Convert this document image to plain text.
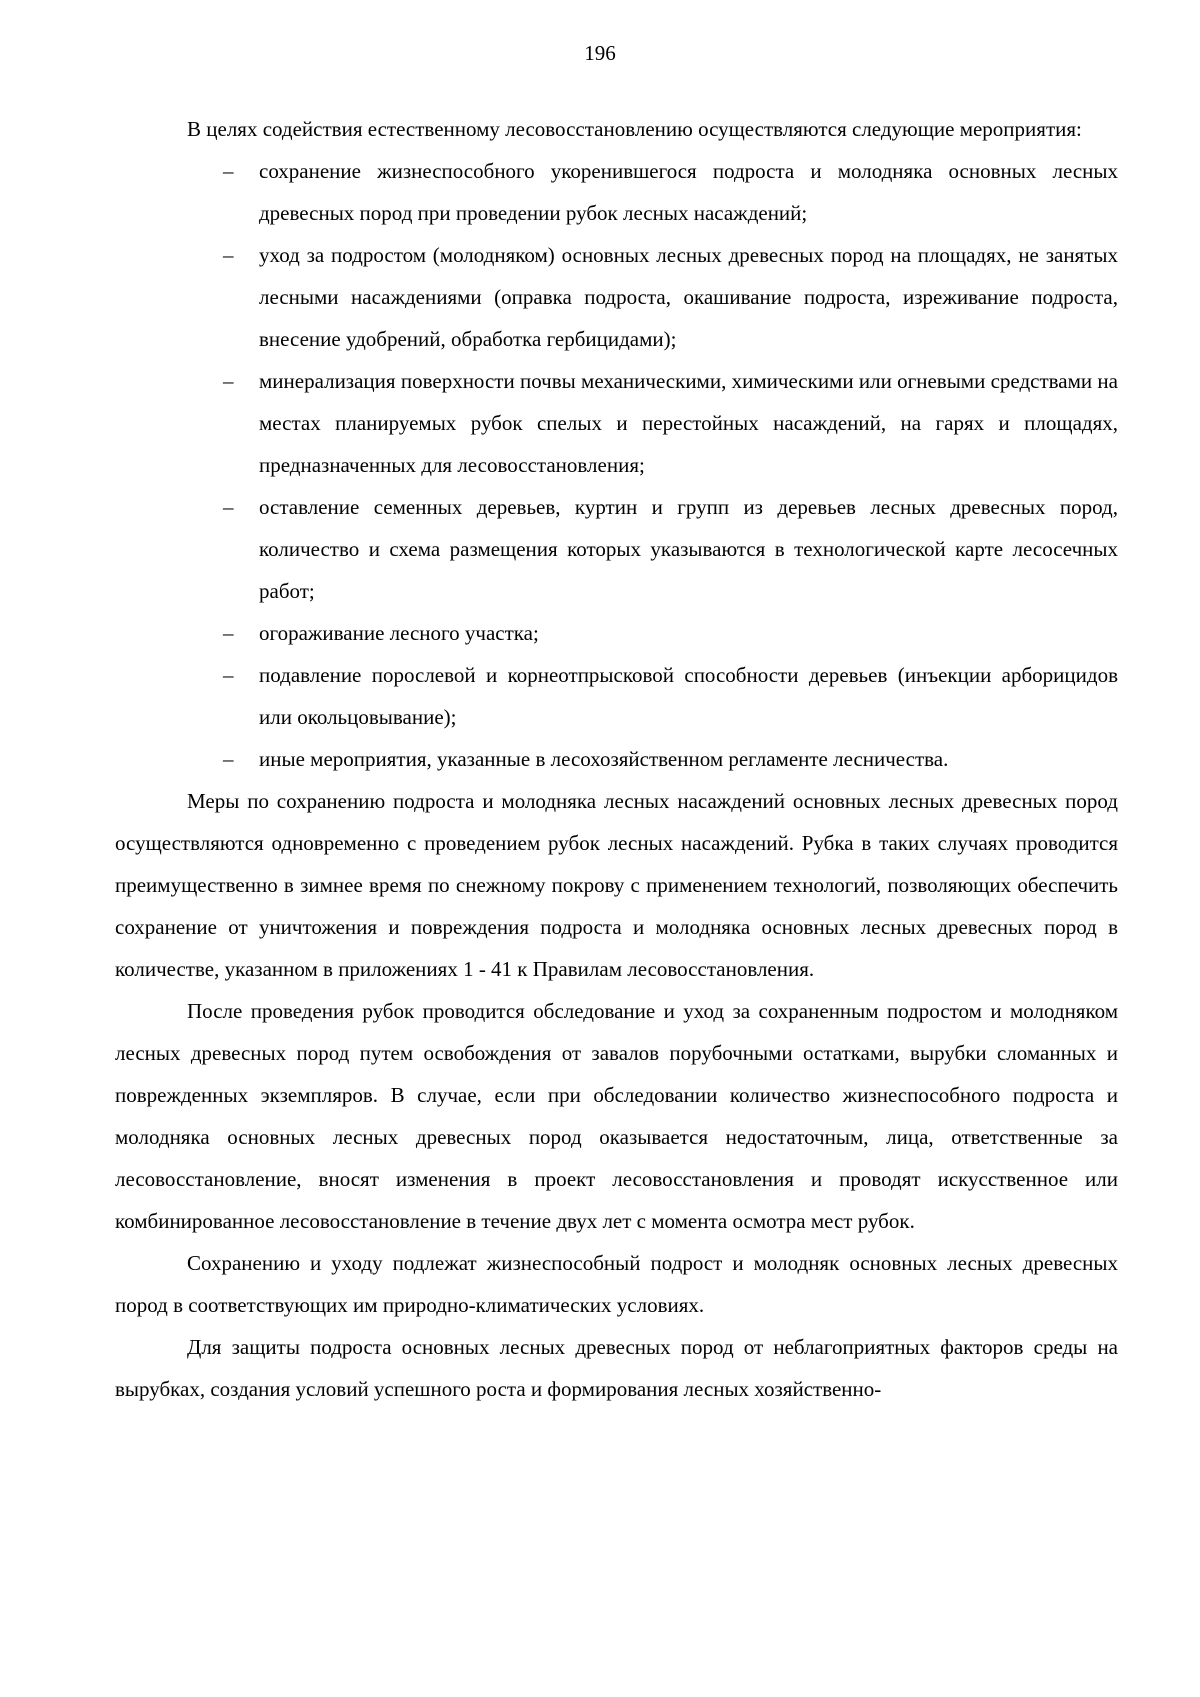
196

В целях содействия естественному лесовосстановлению осуществляются следующие мероприятия:

– сохранение жизнеспособного укоренившегося подроста и молодняка основных лесных древесных пород при проведении рубок лесных насаждений;
– уход за подростом (молодняком) основных лесных древесных пород на площадях, не занятых лесными насаждениями (оправка подроста, окашивание подроста, изреживание подроста, внесение удобрений, обработка гербицидами);
– минерализация поверхности почвы механическими, химическими или огневыми средствами на местах планируемых рубок спелых и перестойных насаждений, на гарях и площадях, предназначенных для лесовосстановления;
– оставление семенных деревьев, куртин и групп из деревьев лесных древесных пород, количество и схема размещения которых указываются в технологической карте лесосечных работ;
– огораживание лесного участка;
– подавление порослевой и корнеотпрысковой способности деревьев (инъекции арборицидов или окольцовывание);
– иные мероприятия, указанные в лесохозяйственном регламенте лесничества.

Меры по сохранению подроста и молодняка лесных насаждений основных лесных древесных пород осуществляются одновременно с проведением рубок лесных насаждений. Рубка в таких случаях проводится преимущественно в зимнее время по снежному покрову с применением технологий, позволяющих обеспечить сохранение от уничтожения и повреждения подроста и молодняка основных лесных древесных пород в количестве, указанном в приложениях 1 - 41 к Правилам лесовосстановления.

После проведения рубок проводится обследование и уход за сохраненным подростом и молодняком лесных древесных пород путем освобождения от завалов порубочными остатками, вырубки сломанных и поврежденных экземпляров. В случае, если при обследовании количество жизнеспособного подроста и молодняка основных лесных древесных пород оказывается недостаточным, лица, ответственные за лесовосстановление, вносят изменения в проект лесовосстановления и проводят искусственное или комбинированное лесовосстановление в течение двух лет с момента осмотра мест рубок.

Сохранению и уходу подлежат жизнеспособный подрост и молодняк основных лесных древесных пород в соответствующих им природно-климатических условиях.

Для защиты подроста основных лесных древесных пород от неблагоприятных факторов среды на вырубках, создания условий успешного роста и формирования лесных хозяйственно-
